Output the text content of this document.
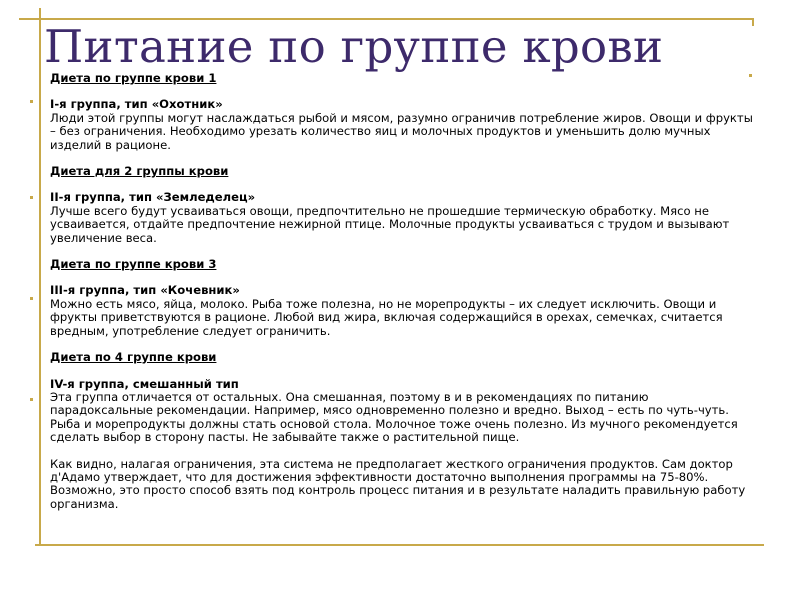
Питание по группе крови
Диета по группе крови 1
I-я группа, тип «Охотник»

Люди этой группы могут наслаждаться рыбой и мясом, разумно ограничив потребление жиров. Овощи и фрукты – без ограничения. Необходимо урезать количество яиц и молочных продуктов и уменьшить долю мучных изделий в рационе.

Диета для 2 группы крови
II-я группа, тип «Земледелец»

Лучше всего будут усваиваться овощи, предпочтительно не прошедшие термическую обработку. Мясо не усваивается, отдайте предпочтение нежирной птице. Молочные продукты усваиваться с трудом и вызывают увеличение веса.

Диета по группе крови 3
III-я группа, тип «Кочевник»

Можно есть мясо, яйца, молоко. Рыба тоже полезна, но не морепродукты – их следует исключить. Овощи и фрукты приветствуются в рационе. Любой вид жира, включая содержащийся в орехах, семечках, считается вредным, употребление следует ограничить.

Диета по 4 группе крови
IV-я группа, смешанный тип

Эта группа отличается от остальных. Она смешанная, поэтому в и в рекомендациях по питанию парадоксальные рекомендации. Например, мясо одновременно полезно и вредно. Выход – есть по чуть-чуть. Рыба и морепродукты должны стать основой стола. Молочное тоже очень полезно. Из мучного рекомендуется сделать выбор в сторону пасты. Не забывайте также о растительной пище.

Как видно, налагая ограничения, эта система не предполагает жесткого ограничения продуктов. Сам доктор д'Адамо утверждает, что для достижения эффективности достаточно выполнения программы на 75-80%. Возможно, это просто способ взять под контроль процесс питания и в результате наладить правильную работу организма.
